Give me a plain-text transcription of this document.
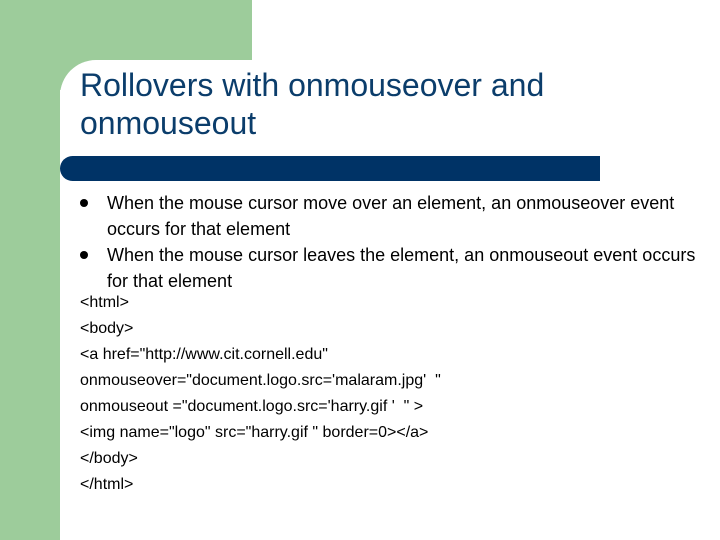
Rollovers with onmouseover and onmouseout
When the mouse cursor move over an element, an onmouseover event occurs for that element
When the mouse cursor leaves the element, an onmouseout event occurs for that element
<html>
<body>
<a href="http://www.cit.cornell.edu"
onmouseover="document.logo.src='malaram.jpg'  "
onmouseout ="document.logo.src='harry.gif '  " >
<img name="logo" src="harry.gif " border=0></a>
</body>
</html>
